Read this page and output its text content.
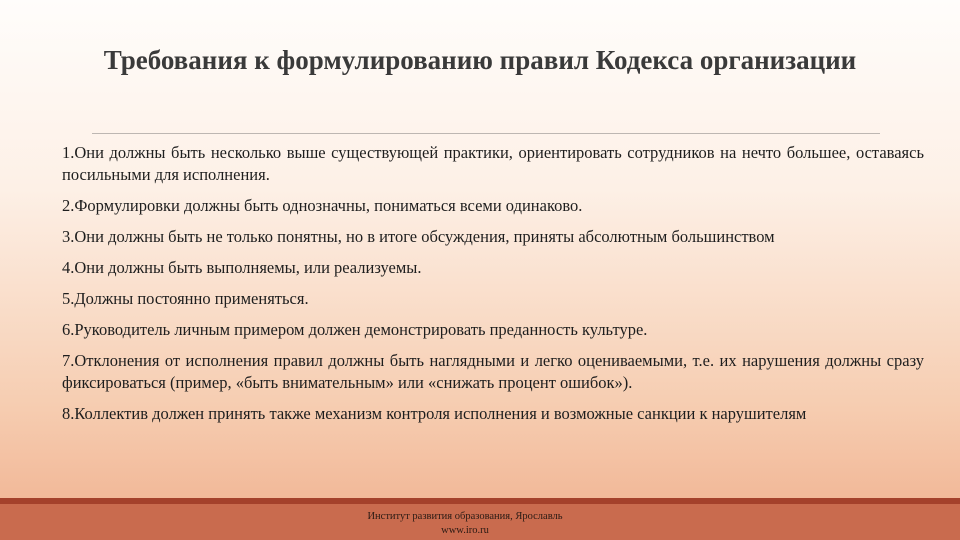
Требования к формулированию правил Кодекса организации

1.Они должны быть несколько выше существующей практики, ориентировать сотрудников на нечто большее, оставаясь посильными для исполнения.

2.Формулировки должны быть однозначны, пониматься всеми одинаково.

3.Они должны быть не только понятны, но в итоге обсуждения, приняты абсолютным большинством

4.Они должны быть выполняемы, или реализуемы.

5.Должны постоянно применяться.

6.Руководитель личным примером должен демонстрировать преданность культуре.

7.Отклонения от исполнения правил должны быть наглядными и легко оцениваемыми, т.е. их нарушения должны сразу фиксироваться (пример, «быть внимательным» или «снижать процент ошибок»).

8.Коллектив должен принять также механизм контроля исполнения и возможные санкции к нарушителям

Институт развития образования, Ярославль
www.iro.ru
